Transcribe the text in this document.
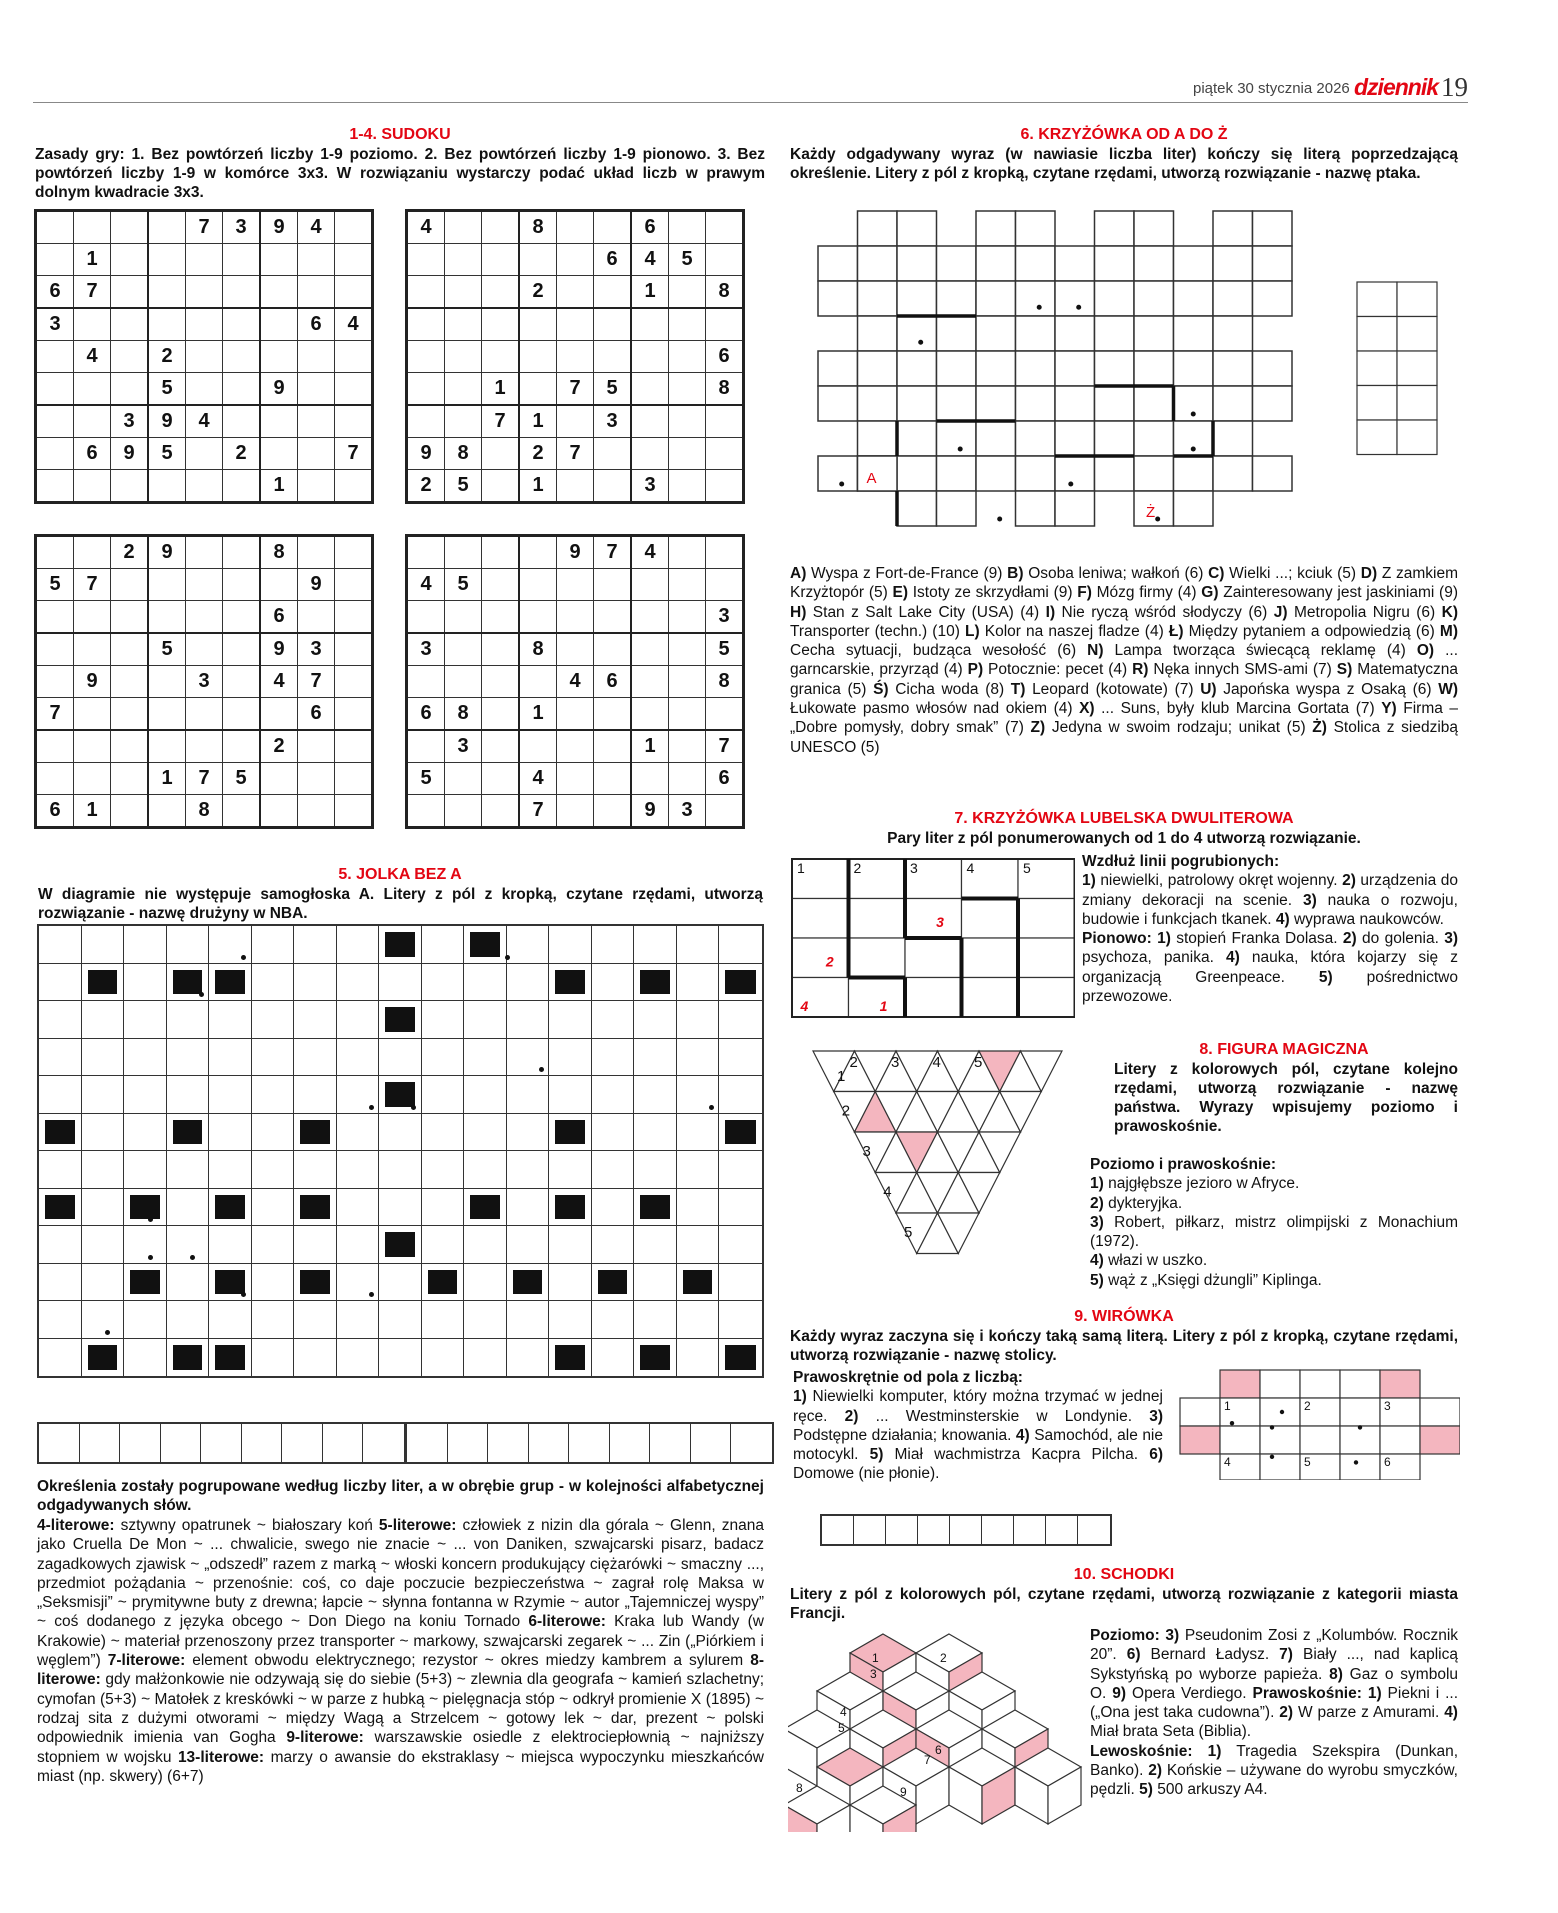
piątek 30 stycznia 2026 dziennik 19
1-4. SUDOKU
Zasady gry: 1. Bez powtórzeń liczby 1-9 poziomo. 2. Bez powtórzeń liczby 1-9 pionowo. 3. Bez powtórzeń liczby 1-9 w komórce 3x3. W rozwiązaniu wystarczy podać układ liczb w prawym dolnym kwadracie 3x3.
				7	3	9	4	
	1							
6	7							
3							6	4
	4		2					
			5			9		
		3	9	4				
	6	9	5		2			7
						1		
4			8			6		
					6	4	5	
			2			1		8

								6
		1		7	5			8
		7	1		3			
9	8		2	7				
2	5		1			3		
		2	9			8		
5	7						9	
						6		
			5			9	3	
	9			3		4	7	
7							6	
						2		
			1	7	5			
6	1			8				
				9	7	4		
4	5							
								3
3			8					5
				4	6			8
6	8		1					
	3					1		7
5			4					6
			7			9	3	
5. JOLKA BEZ A
W diagramie nie występuje samogłoska A. Litery z pól z kropką, czytane rzędami, utworzą rozwiązanie - nazwę drużyny w NBA.
Określenia zostały pogrupowane według liczby liter, a w obrębie grup - w kolejności alfabetycznej odgadywanych słów.
4-literowe: sztywny opatrunek ~ białoszary koń 5-literowe: człowiek z nizin dla górala ~ Glenn, znana jako Cruella De Mon ~ ... chwalicie, swego nie znacie ~ ... von Daniken, szwajcarski pisarz, badacz zagadkowych zjawisk ~ „odszedł” razem z marką ~ włoski koncern produkujący ciężarówki ~ smaczny ..., przedmiot pożądania ~ przenośnie: coś, co daje poczucie bezpieczeństwa ~ zagrał rolę Maksa w „Seksmisji” ~ prymitywne buty z drewna; łapcie ~ słynna fontanna w Rzymie ~ autor „Tajemniczej wyspy” ~ coś dodanego z języka obcego ~ Don Diego na koniu Tornado 6-literowe: Kraka lub Wandy (w Krakowie) ~ materiał przenoszony przez transporter ~ markowy, szwajcarski zegarek ~ ... Zin („Piórkiem i węglem”) 7-literowe: element obwodu elektrycznego; rezystor ~ okres miedzy kambrem a sylurem 8-literowe: gdy małżonkowie nie odzywają się do siebie (5+3) ~ zlewnia dla geografa ~ kamień szlachetny; cymofan (5+3) ~ Matołek z kreskówki ~ w parze z hubką ~ pielęgnacja stóp ~ odkrył promienie X (1895) ~ rodzaj sita z dużymi otworami ~ między Wagą a Strzelcem ~ gotowy lek ~ dar, prezent ~ polski odpowiednik imienia van Gogha 9-literowe: warszawskie osiedle z elektrociepłownią ~ najniższy stopniem w wojsku 13-literowe: marzy o awansie do ekstraklasy ~ miejsca wypoczynku mieszkańców miast (np. skwery) (6+7)
6. KRZYŻÓWKA OD A DO Ż
Każdy odgadywany wyraz (w nawiasie liczba liter) kończy się literą poprzedzającą określenie. Litery z pól z kropką, czytane rzędami, utworzą rozwiązanie - nazwę ptaka.
A
Ż
A) Wyspa z Fort-de-France (9) B) Osoba leniwa; wałkoń (6) C) Wielki ...; kciuk (5) D) Z zamkiem Krzyżtopór (5) E) Istoty ze skrzydłami (9) F) Mózg firmy (4) G) Zainteresowany jest jaskiniami (9) H) Stan z Salt Lake City (USA) (4) I) Nie ryczą wśród słodyczy (6) J) Metropolia Nigru (6) K) Transporter (techn.) (10) L) Kolor na naszej fladze (4) Ł) Między pytaniem a odpowiedzią (6) M) Cecha sytuacji, budząca wesołość (6) N) Lampa tworząca świecącą reklamę (4) O) ... garncarskie, przyrząd (4) P) Potocznie: pecet (4) R) Nęka innych SMS-ami (7) S) Matematyczna granica (5) Ś) Cicha woda (8) T) Leopard (kotowate) (7) U) Japońska wyspa z Osaką (6) W) Łukowate pasmo włosów nad okiem (4) X) ... Suns, były klub Marcina Gortata (7) Y) Firma – „Dobre pomysły, dobry smak” (7) Z) Jedyna w swoim rodzaju; unikat (5) Ż) Stolica z siedzibą UNESCO (5)
7. KRZYŻÓWKA LUBELSKA DWULITEROWA
Pary liter z pól ponumerowanych od 1 do 4 utworzą rozwiązanie.
1	2	3	4	5
3
2
4	1
Wzdłuż linii pogrubionych:
1) niewielki, patrolowy okręt wojenny. 2) urządzenia do zmiany dekoracji na scenie. 3) nauka o rozwoju, budowie i funkcjach tkanek. 4) wyprawa naukowców.
Pionowo: 1) stopień Franka Dolasa. 2) do golenia. 3) psychoza, panika. 4) nauka, która kojarzy się z organizacją Greenpeace. 5) pośrednictwo przewozowe.
1
2
3
4
5
2 3 4 5
8. FIGURA MAGICZNA
Litery z kolorowych pól, czytane kolejno rzędami, utworzą rozwiązanie - nazwę państwa. Wyrazy wpisujemy poziomo i prawoskośnie.
Poziomo i prawoskośnie:
1) najgłębsze jezioro w Afryce.
2) dykteryjka.
3) Robert, piłkarz, mistrz olimpijski z Monachium (1972).
4) włazi w uszko.
5) wąż z „Księgi dżungli” Kiplinga.
9. WIRÓWKA
Każdy wyraz zaczyna się i kończy taką samą literą. Litery z pól z kropką, czytane rzędami, utworzą rozwiązanie - nazwę stolicy.
Prawoskrętnie od pola z liczbą:
1) Niewielki komputer, który można trzymać w jednej ręce. 2) ... Westminsterskie w Londynie. 3) Podstępne działania; knowania. 4) Samochód, ale nie motocykl. 5) Miał wachmistrza Kacpra Pilcha. 6) Domowe (nie płonie).
1	2	3
4	5	6
10. SCHODKI
Litery z pól z kolorowych pól, czytane rzędami, utworzą rozwiązanie z kategorii miasta Francji.
1	2
3
4
5
6
7
8	9
Poziomo: 3) Pseudonim Zosi z „Kolumbów. Rocznik 20”. 6) Bernard Ładysz. 7) Biały ..., nad kaplicą Sykstyńską po wyborze papieża. 8) Gaz o symbolu O. 9) Opera Verdiego. Prawoskośnie: 1) Piekni i ... („Ona jest taka cudowna”). 2) W parze z Amurami. 4) Miał brata Seta (Biblia).
Lewoskośnie: 1) Tragedia Szekspira (Dunkan, Banko). 2) Końskie – używane do wyrobu smyczków, pędzli. 5) 500 arkuszy A4.
